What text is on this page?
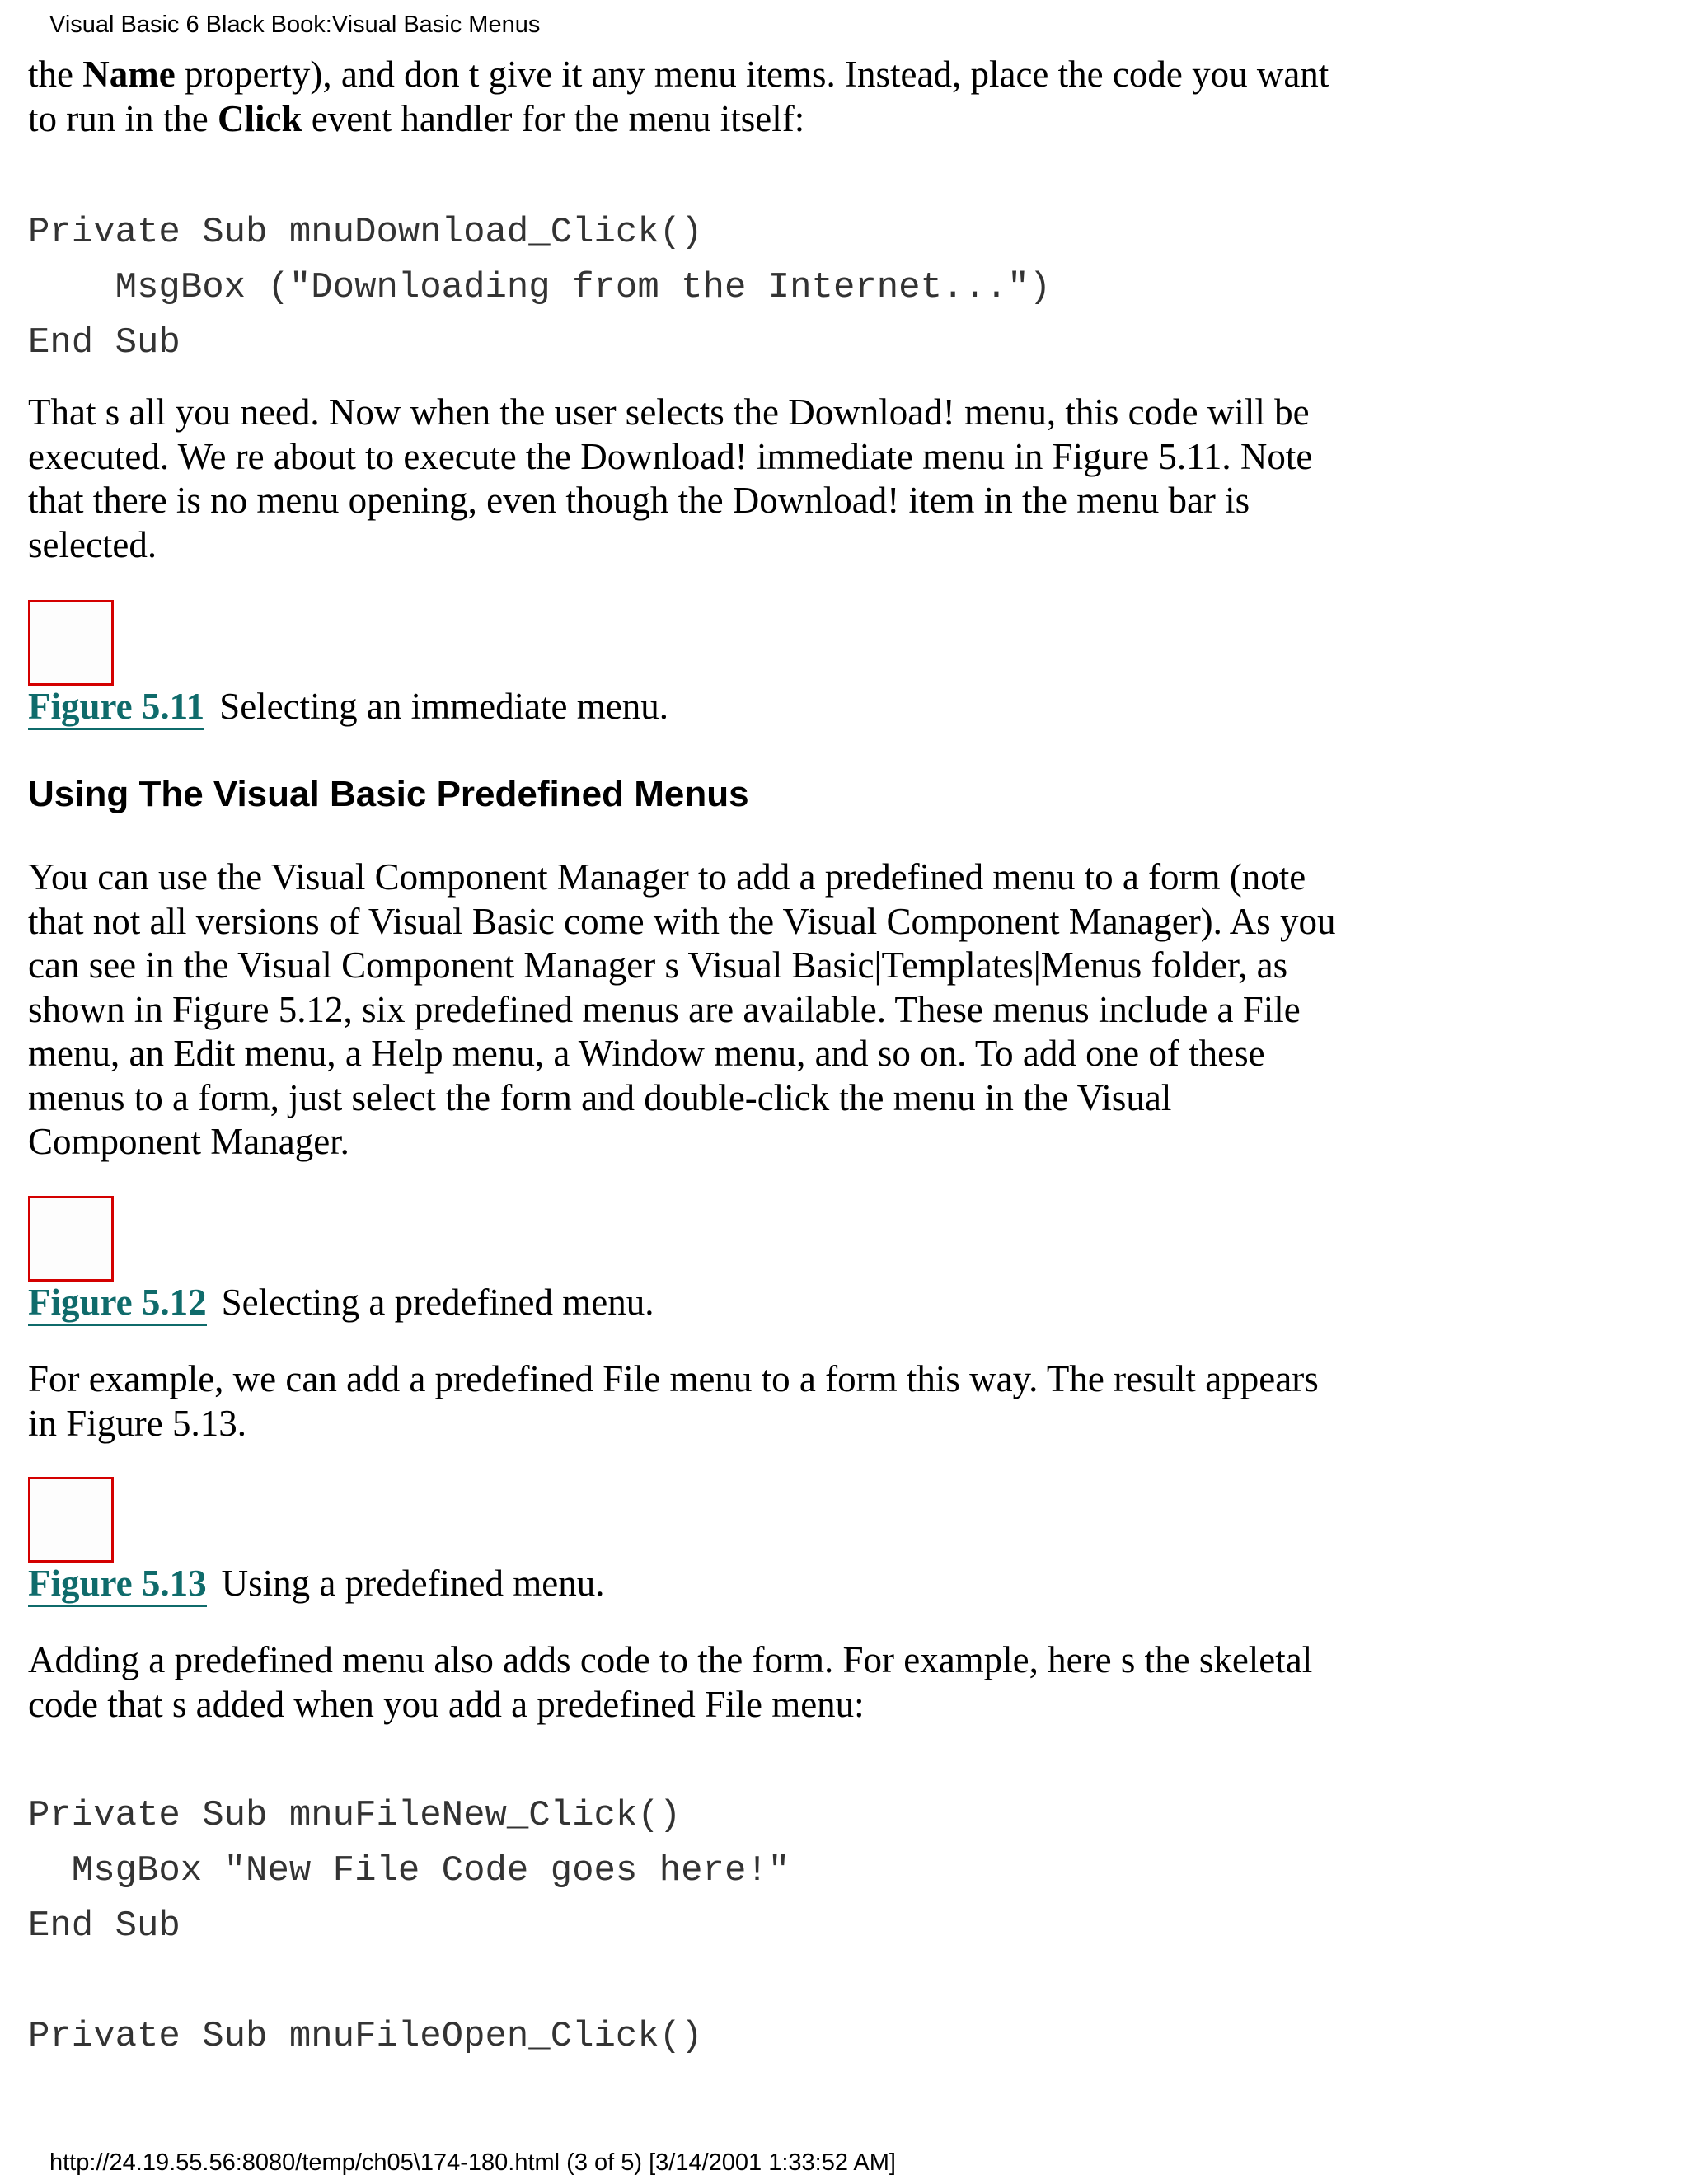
Visual Basic 6 Black Book:Visual Basic Menus

the Name property), and don t give it any menu items. Instead, place the code you want to run in the Click event handler for the menu itself:

Private Sub mnuDownload_Click()
MsgBox ("Downloading from the Internet...")
End Sub

That s all you need. Now when the user selects the Download! menu, this code will be executed. We re about to execute the Download! immediate menu in Figure 5.11. Note that there is no menu opening, even though the Download! item in the menu bar is selected.

Figure 5.11 Selecting an immediate menu.

Using The Visual Basic Predefined Menus

You can use the Visual Component Manager to add a predefined menu to a form (note that not all versions of Visual Basic come with the Visual Component Manager). As you can see in the Visual Component Manager s Visual Basic|Templates|Menus folder, as shown in Figure 5.12, six predefined menus are available. These menus include a File menu, an Edit menu, a Help menu, a Window menu, and so on. To add one of these menus to a form, just select the form and double-click the menu in the Visual Component Manager.

Figure 5.12 Selecting a predefined menu.

For example, we can add a predefined File menu to a form this way. The result appears in Figure 5.13.

Figure 5.13 Using a predefined menu.

Adding a predefined menu also adds code to the form. For example, here s the skeletal code that s added when you add a predefined File menu:

Private Sub mnuFileNew_Click()
MsgBox "New File Code goes here!"
End Sub
Private Sub mnuFileOpen_Click()
http://24.19.55.56:8080/temp/ch05\174-180.html (3 of 5) [3/14/2001 1:33:52 AM]
